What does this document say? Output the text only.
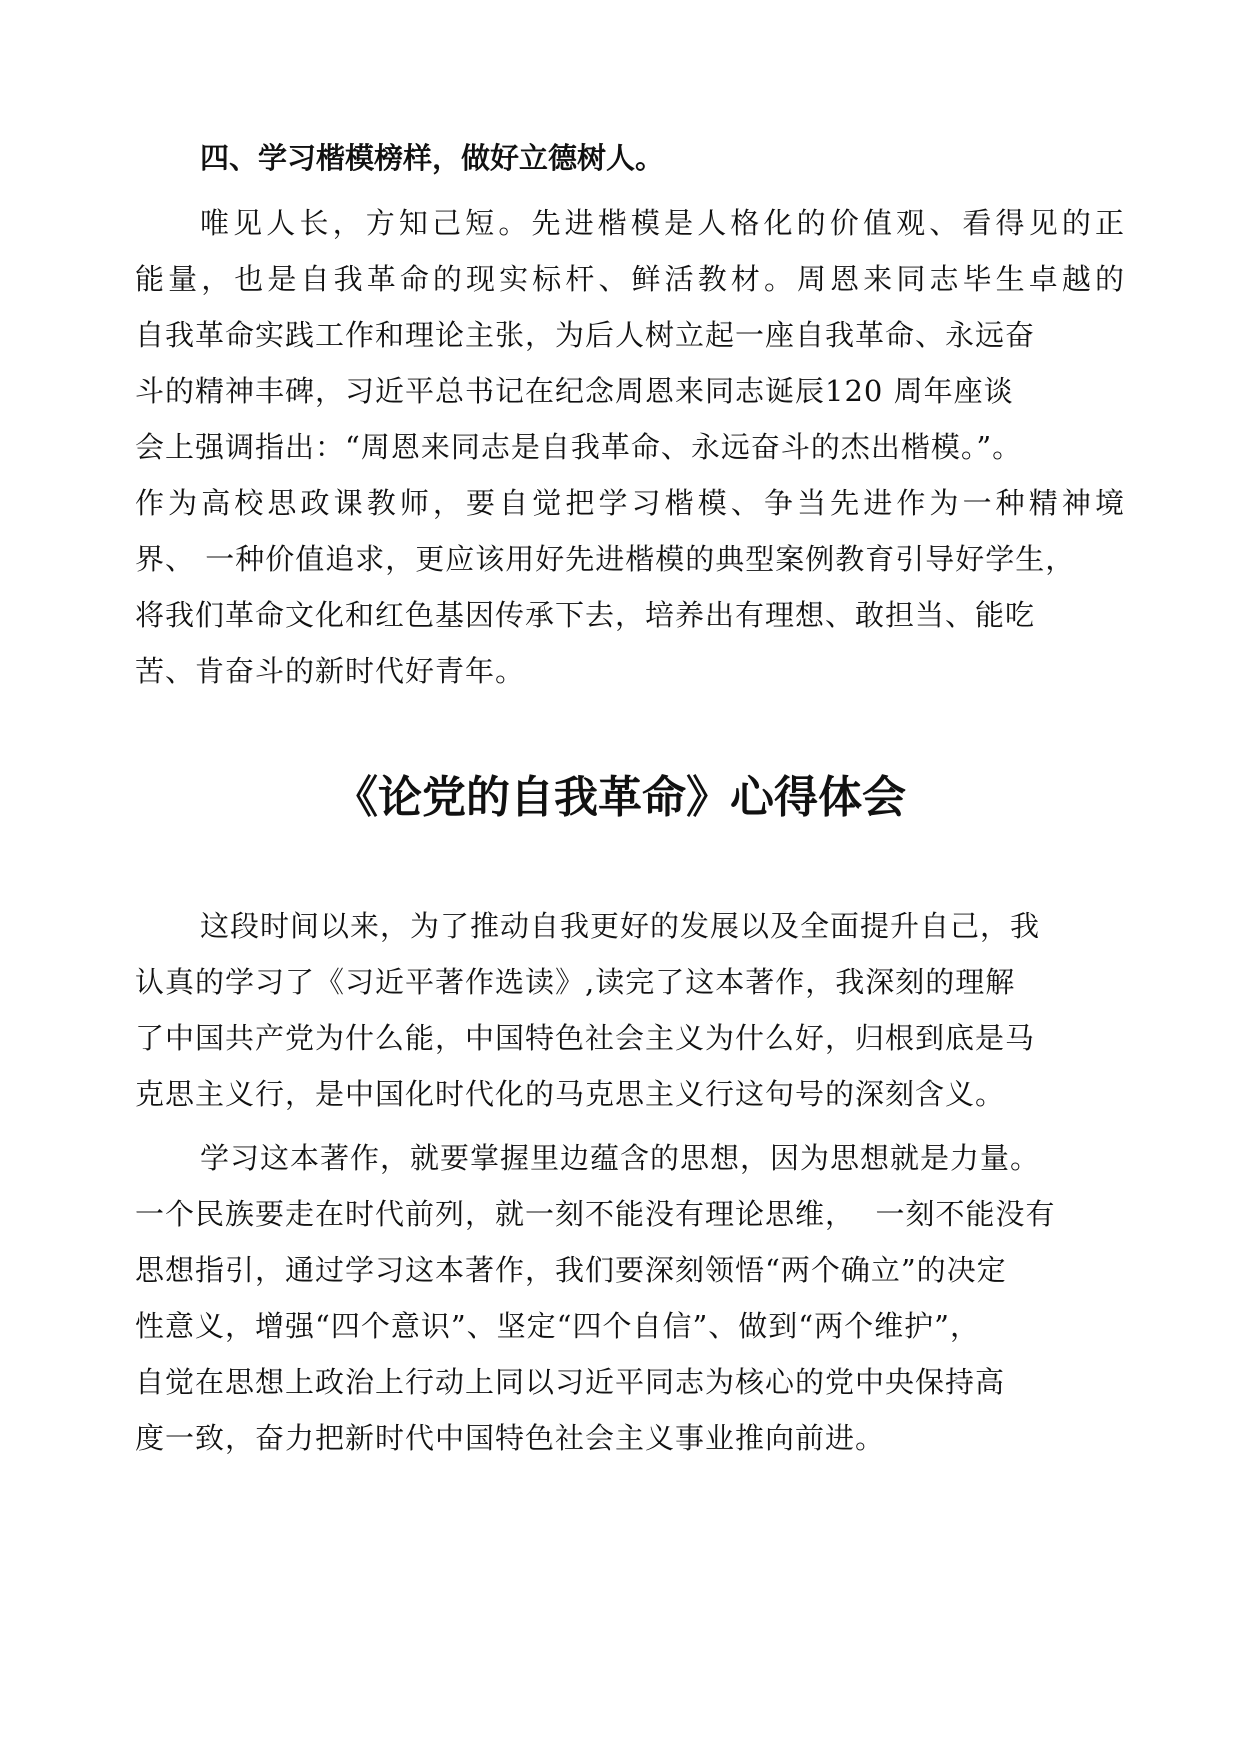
四、学习楷模榜样，做好立德树人。
唯见人长，方知己短。先进楷模是人格化的价值观、看得见的正
能量，也是自我革命的现实标杆、鲜活教材。周恩来同志毕生卓越的
自我革命实践工作和理论主张，为后人树立起一座自我革命、永远奋
斗的精神丰碑，习近平总书记在纪念周恩来同志诞辰120 周年座谈
会上强调指出：“周恩来同志是自我革命、永远奋斗的杰出楷模。”。
作为高校思政课教师，要自觉把学习楷模、争当先进作为一种精神境
界、 一种价值追求，更应该用好先进楷模的典型案例教育引导好学生，
将我们革命文化和红色基因传承下去，培养出有理想、敢担当、能吃
苦、肯奋斗的新时代好青年。
《论党的自我革命》心得体会
这段时间以来，为了推动自我更好的发展以及全面提升自己，我
认真的学习了《习近平著作选读》,读完了这本著作，我深刻的理解
了中国共产党为什么能，中国特色社会主义为什么好，归根到底是马
克思主义行，是中国化时代化的马克思主义行这句号的深刻含义。
学习这本著作，就要掌握里边蕴含的思想，因为思想就是力量。
一个民族要走在时代前列，就一刻不能没有理论思维，  一刻不能没有
思想指引，通过学习这本著作，我们要深刻领悟“两个确立”的决定
性意义，增强“四个意识”、坚定“四个自信”、做到“两个维护”，
自觉在思想上政治上行动上同以习近平同志为核心的党中央保持高
度一致，奋力把新时代中国特色社会主义事业推向前进。
